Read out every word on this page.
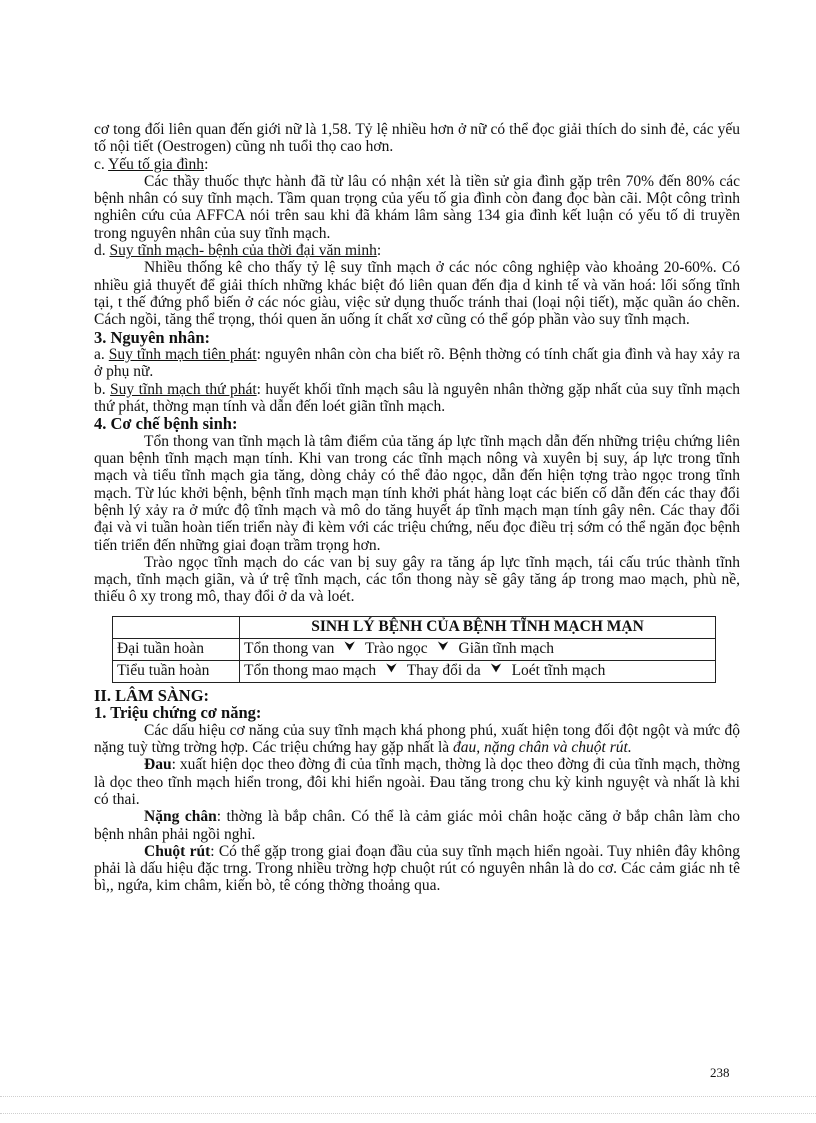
cơ tong đối liên quan đến giới nữ là 1,58. Tỷ lệ nhiều hơn ở nữ có thể đọc giải thích do sinh đẻ, các yếu tố nội tiết (Oestrogen) cũng nh tuổi thọ cao hơn.

c. Yếu tố gia đình:

Các thầy thuốc thực hành đã từ lâu có nhận xét là tiền sử gia đình gặp trên 70% đến 80% các bệnh nhân có suy tĩnh mạch. Tầm quan trọng của yếu tố gia đình còn đang đọc bàn cãi. Một công trình nghiên cứu của AFFCA nói trên sau khi đã khám lâm sàng 134 gia đình kết luận có yếu tố di truyền trong nguyên nhân của suy tĩnh mạch.

d. Suy tĩnh mạch- bệnh của thời đại văn minh:

Nhiều thống kê cho thấy tỷ lệ suy tĩnh mạch ở các nóc công nghiệp vào khoảng 20-60%. Có nhiều giả thuyết để giải thích những khác biệt đó liên quan đến địa d kinh tế và văn hoá: lối sống tĩnh tại, t thế đứng phổ biến ở các nóc giàu, việc sử dụng thuốc tránh thai (loại nội tiết), mặc quần áo chẽn. Cách ngồi, tăng thể trọng, thói quen ăn uống ít chất xơ cũng có thể góp phần vào suy tĩnh mạch.

3. Nguyên nhân:

a. Suy tĩnh mạch tiên phát: nguyên nhân còn cha biết rõ. Bệnh thờng có tính chất gia đình và hay xảy ra ở phụ nữ.

b. Suy tĩnh mạch thứ phát: huyết khối tĩnh mạch sâu là nguyên nhân thờng gặp nhất của suy tĩnh mạch thứ phát, thờng mạn tính và dẫn đến loét giãn tĩnh mạch.

4. Cơ chế bệnh sinh:

Tổn thong van tĩnh mạch là tâm điểm của tăng áp lực tĩnh mạch dẫn đến những triệu chứng liên quan bệnh tĩnh mạch mạn tính. Khi van trong các tĩnh mạch nông và xuyên bị suy, áp lực trong tĩnh mạch và tiểu tĩnh mạch gia tăng, dòng chảy có thể đảo ngọc, dẫn đến hiện tợng trào ngọc trong tĩnh mạch. Từ lúc khởi bệnh, bệnh tĩnh mạch mạn tính khởi phát hàng loạt các biến cố dẫn đến các thay đổi bệnh lý xảy ra ở mức độ tĩnh mạch và mô do tăng huyết áp tĩnh mạch mạn tính gây nên. Các thay đổi đại và vi tuần hoàn tiến triển này đi kèm với các triệu chứng, nếu đọc điều trị sớm có thể ngăn đọc bệnh tiến triển đến những giai đoạn trầm trọng hơn.

Trào ngọc tĩnh mạch do các van bị suy gây ra tăng áp lực tĩnh mạch, tái cấu trúc thành tĩnh mạch, tĩnh mạch giãn, và ứ trệ tĩnh mạch, các tổn thong này sẽ gây tăng áp trong mao mạch, phù nề, thiếu ô xy trong mô, thay đổi ở da và loét.

	SINH LÝ BỆNH CỦA BỆNH TĨNH MẠCH MẠN
Đại tuần hoàn	Tổn thong van ⮟ Trào ngọc ⮟ Giãn tĩnh mạch
Tiểu tuần hoàn	Tổn thong mao mạch ⮟ Thay đổi da ⮟ Loét tĩnh mạch

II. LÂM SÀNG:

1. Triệu chứng cơ năng:

Các dấu hiệu cơ năng của suy tĩnh mạch khá phong phú, xuất hiện tong đối đột ngột và mức độ nặng tuỳ từng trờng hợp. Các triệu chứng hay gặp nhất là đau, nặng chân và chuột rút.

Đau: xuất hiện dọc theo đờng đi của tĩnh mạch, thờng là dọc theo đờng đi của tĩnh mạch, thờng là dọc theo tĩnh mạch hiển trong, đôi khi hiển ngoài. Đau tăng trong chu kỳ kinh nguyệt và nhất là khi có thai.

Nặng chân: thờng là bắp chân. Có thể là cảm giác mỏi chân hoặc căng ở bắp chân làm cho bệnh nhân phải ngồi nghỉ.

Chuột rút: Có thể gặp trong giai đoạn đầu của suy tĩnh mạch hiển ngoài. Tuy nhiên đây không phải là dấu hiệu đặc trng. Trong nhiều trờng hợp chuột rút có nguyên nhân là do cơ. Các cảm giác nh tê bì,, ngứa, kim châm, kiến bò, tê cóng thờng thoảng qua.

238
